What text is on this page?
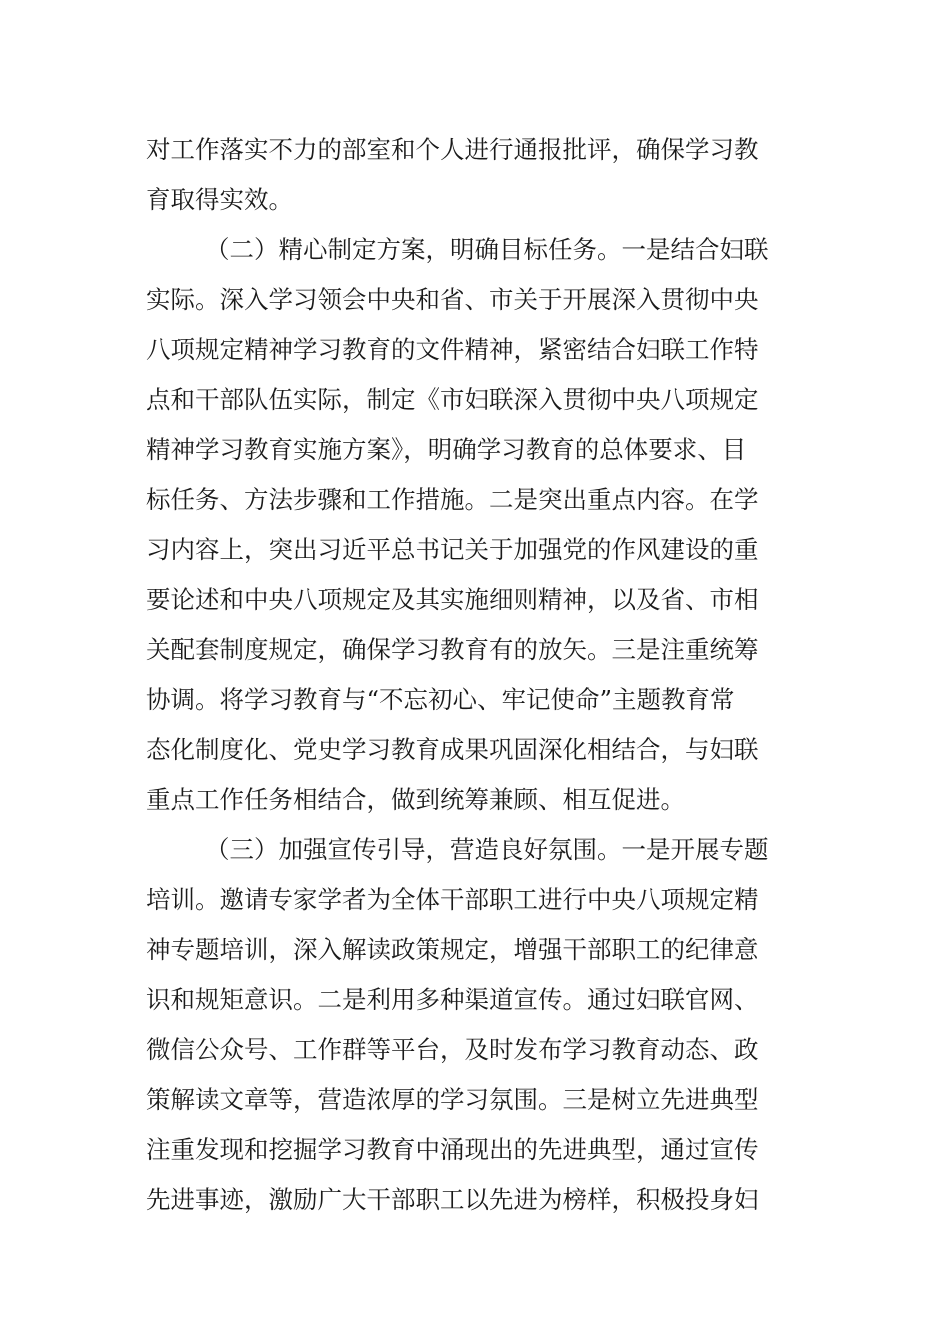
对工作落实不力的部室和个人进行通报批评，确保学习教
育取得实效。
（二）精心制定方案，明确目标任务。一是结合妇联
实际。深入学习领会中央和省、市关于开展深入贯彻中央
八项规定精神学习教育的文件精神，紧密结合妇联工作特
点和干部队伍实际，制定《市妇联深入贯彻中央八项规定
精神学习教育实施方案》，明确学习教育的总体要求、目
标任务、方法步骤和工作措施。二是突出重点内容。在学
习内容上，突出习近平总书记关于加强党的作风建设的重
要论述和中央八项规定及其实施细则精神，以及省、市相
关配套制度规定，确保学习教育有的放矢。三是注重统筹
协调。将学习教育与“不忘初心、牢记使命”主题教育常
态化制度化、党史学习教育成果巩固深化相结合，与妇联
重点工作任务相结合，做到统筹兼顾、相互促进。
（三）加强宣传引导，营造良好氛围。一是开展专题
培训。邀请专家学者为全体干部职工进行中央八项规定精
神专题培训，深入解读政策规定，增强干部职工的纪律意
识和规矩意识。二是利用多种渠道宣传。通过妇联官网、
微信公众号、工作群等平台，及时发布学习教育动态、政
策解读文章等，营造浓厚的学习氛围。三是树立先进典型
注重发现和挖掘学习教育中涌现出的先进典型，通过宣传
先进事迹，激励广大干部职工以先进为榜样，积极投身妇
